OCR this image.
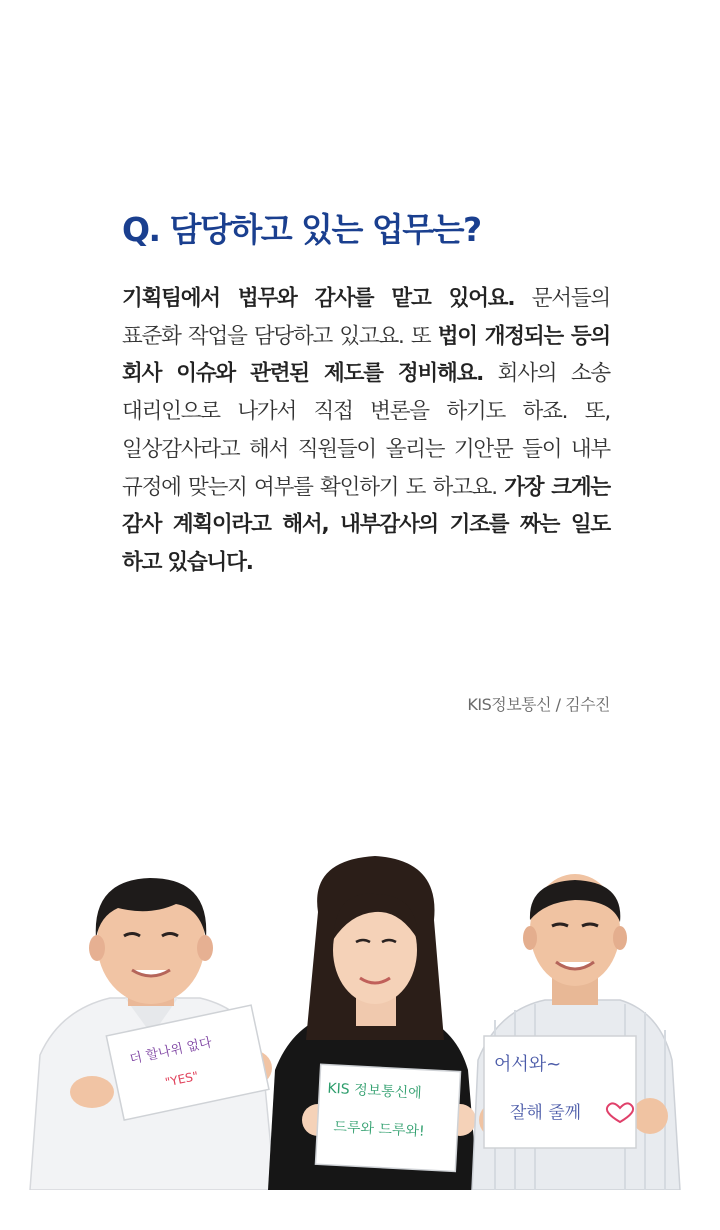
Q. 담당하고 있는 업무는?

기획팀에서 법무와 감사를 맡고 있어요. 문서들의 표준화 작업을 담당하고 있고요. 또 법이 개정되는 등의 회사 이슈와 관련된 제도를 정비해요. 회사의 소송 대리인으로 나가서 직접 변론을 하기도 하죠. 또, 일상감사라고 해서 직원들이 올리는 기안문 들이 내부 규정에 맞는지 여부를 확인하기 도 하고요. 가장 크게는 감사 계획이라고 해서, 내부감사의 기조를 짜는 일도 하고 있습니다.

KIS정보통신 / 김수진
더 할나위 없다
"YES"
KIS 정보통신에
드루와 드루와!
어서와~
잘해 줄께
